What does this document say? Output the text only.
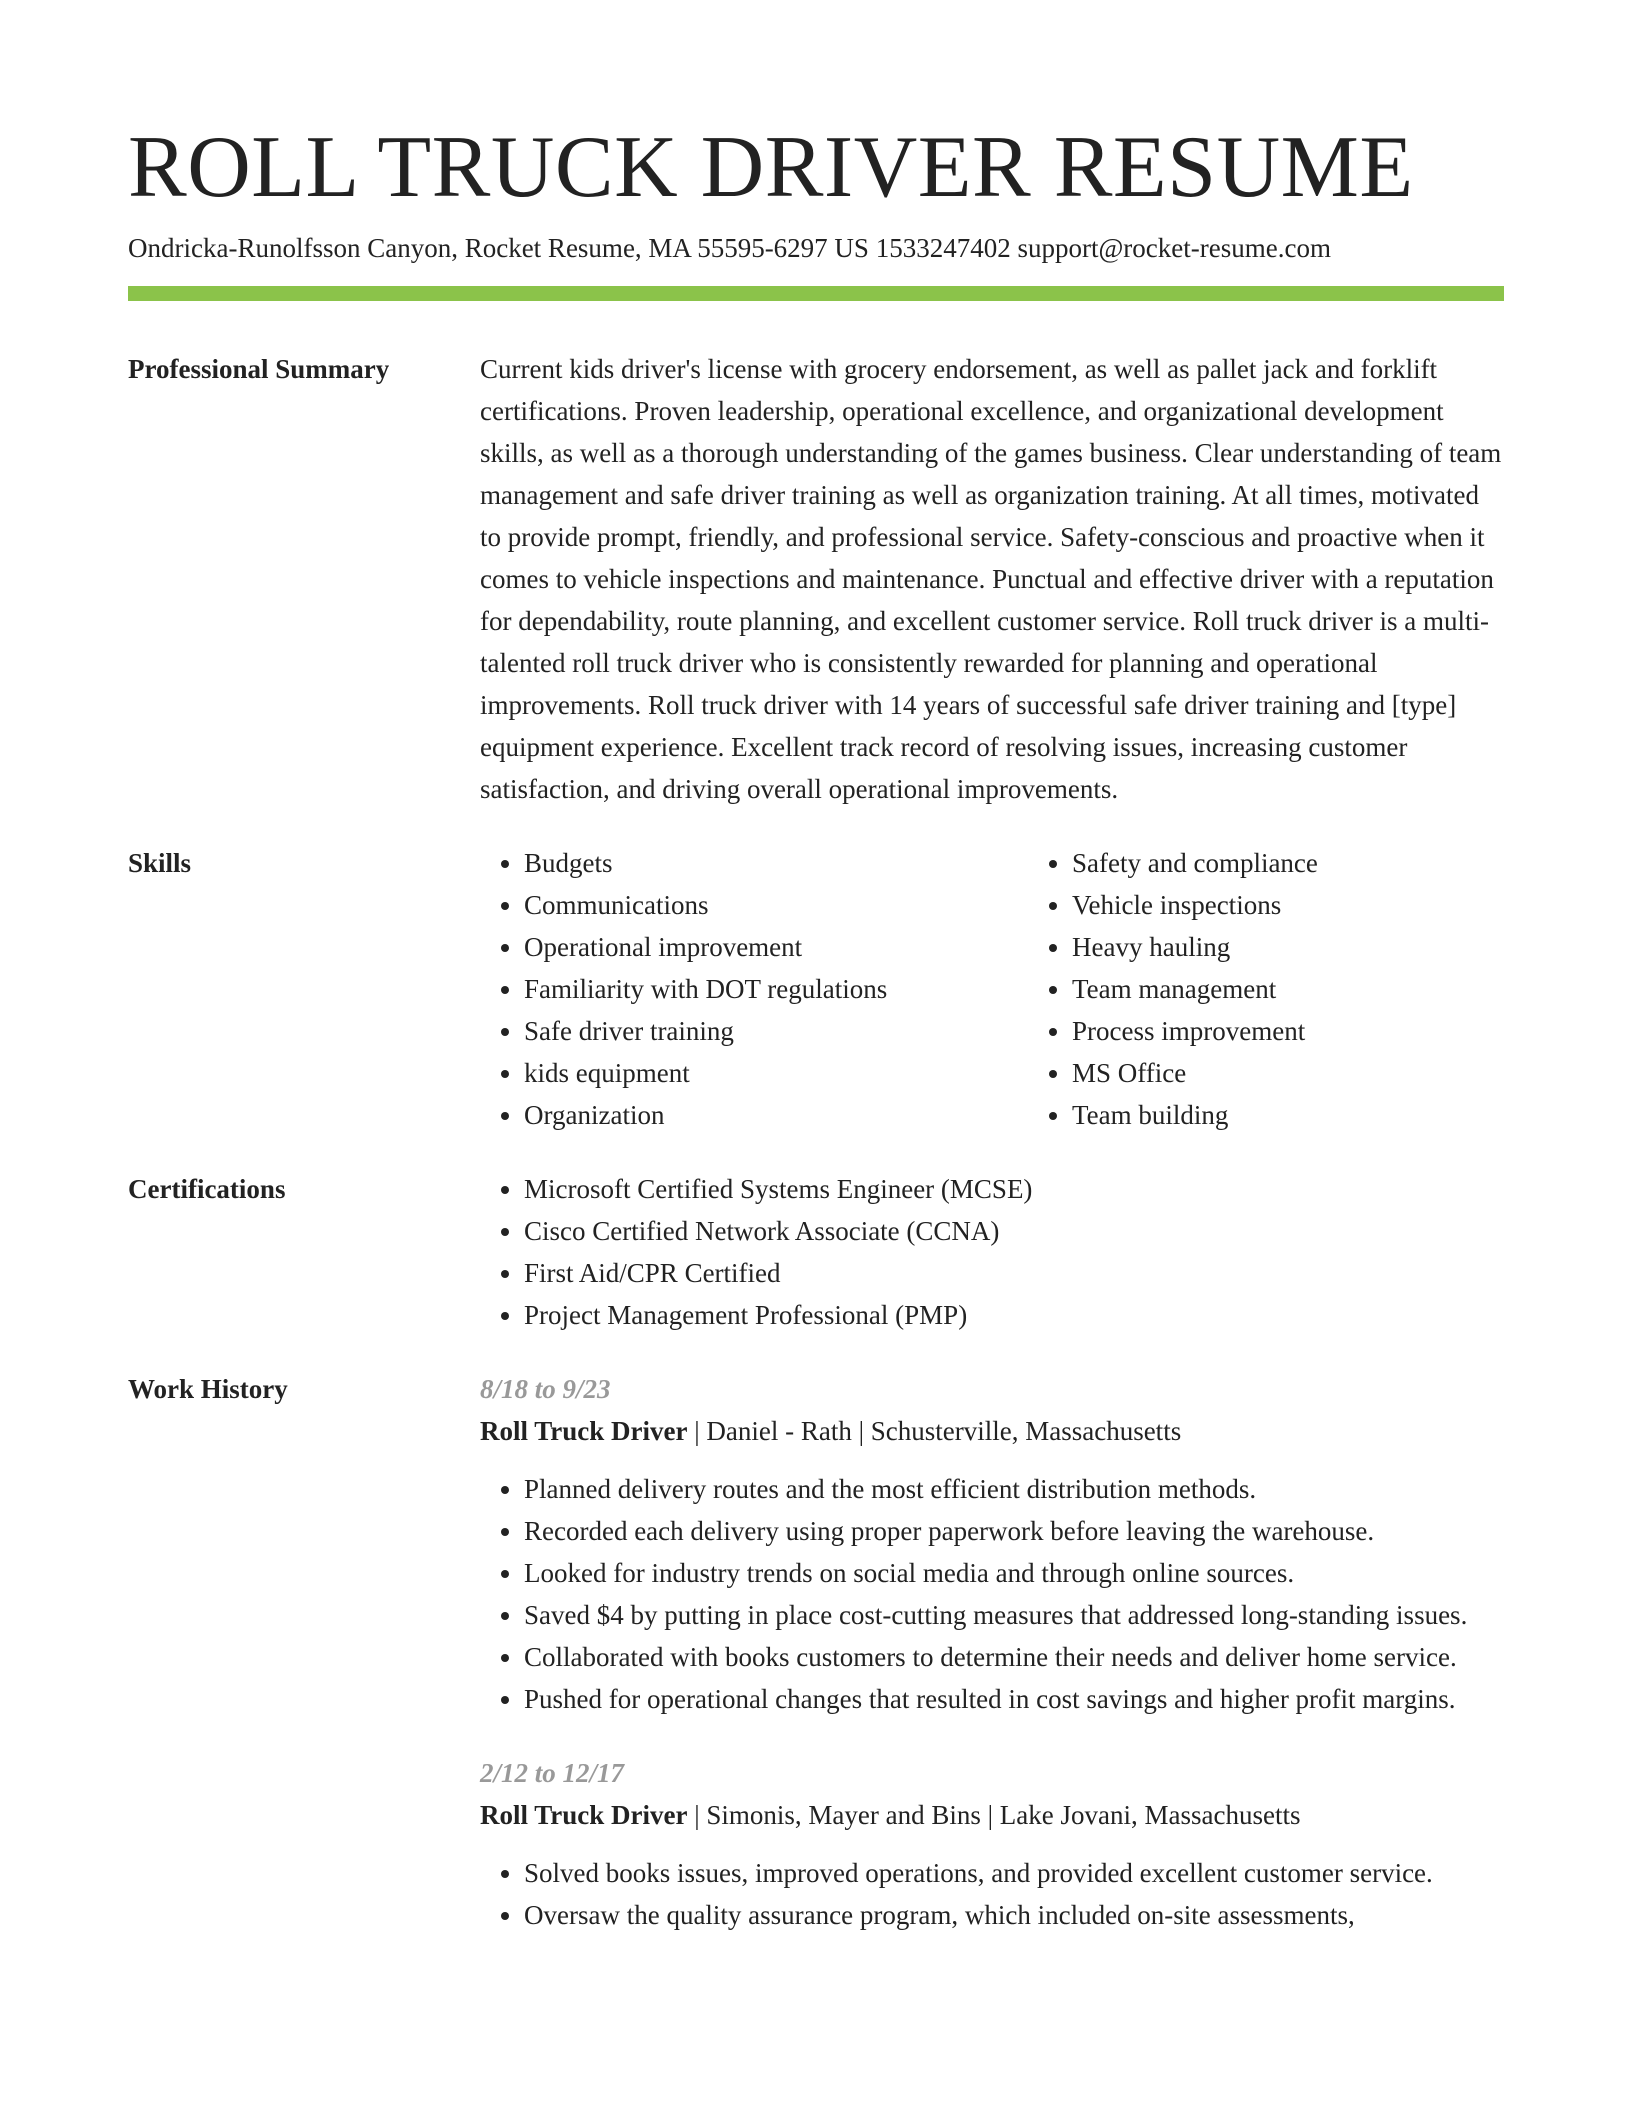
ROLL TRUCK DRIVER RESUME
Ondricka-Runolfsson Canyon, Rocket Resume, MA 55595-6297 US 1533247402 support@rocket-resume.com
Professional Summary	Current kids driver's license with grocery endorsement, as well as pallet jack and forklift certifications. Proven leadership, operational excellence, and organizational development skills, as well as a thorough understanding of the games business. Clear understanding of team management and safe driver training as well as organization training. At all times, motivated to provide prompt, friendly, and professional service. Safety-conscious and proactive when it comes to vehicle inspections and maintenance. Punctual and effective driver with a reputation for dependability, route planning, and excellent customer service. Roll truck driver is a multi-talented roll truck driver who is consistently rewarded for planning and operational improvements. Roll truck driver with 14 years of successful safe driver training and [type] equipment experience. Excellent track record of resolving issues, increasing customer satisfaction, and driving overall operational improvements.

Skills	• Budgets
• Communications
• Operational improvement
• Familiarity with DOT regulations
• Safe driver training
• kids equipment
• Organization
• Safety and compliance
• Vehicle inspections
• Heavy hauling
• Team management
• Process improvement
• MS Office
• Team building
Certifications	• Microsoft Certified Systems Engineer (MCSE)
• Cisco Certified Network Associate (CCNA)
• First Aid/CPR Certified
• Project Management Professional (PMP)
Work History	8/18 to 9/23
Roll Truck Driver | Daniel - Rath | Schusterville, Massachusetts
• Planned delivery routes and the most efficient distribution methods.
• Recorded each delivery using proper paperwork before leaving the warehouse.
• Looked for industry trends on social media and through online sources.
• Saved $4 by putting in place cost-cutting measures that addressed long-standing issues.
• Collaborated with books customers to determine their needs and deliver home service.
• Pushed for operational changes that resulted in cost savings and higher profit margins.
2/12 to 12/17
Roll Truck Driver | Simonis, Mayer and Bins | Lake Jovani, Massachusetts
• Solved books issues, improved operations, and provided excellent customer service.
• Oversaw the quality assurance program, which included on-site assessments,
